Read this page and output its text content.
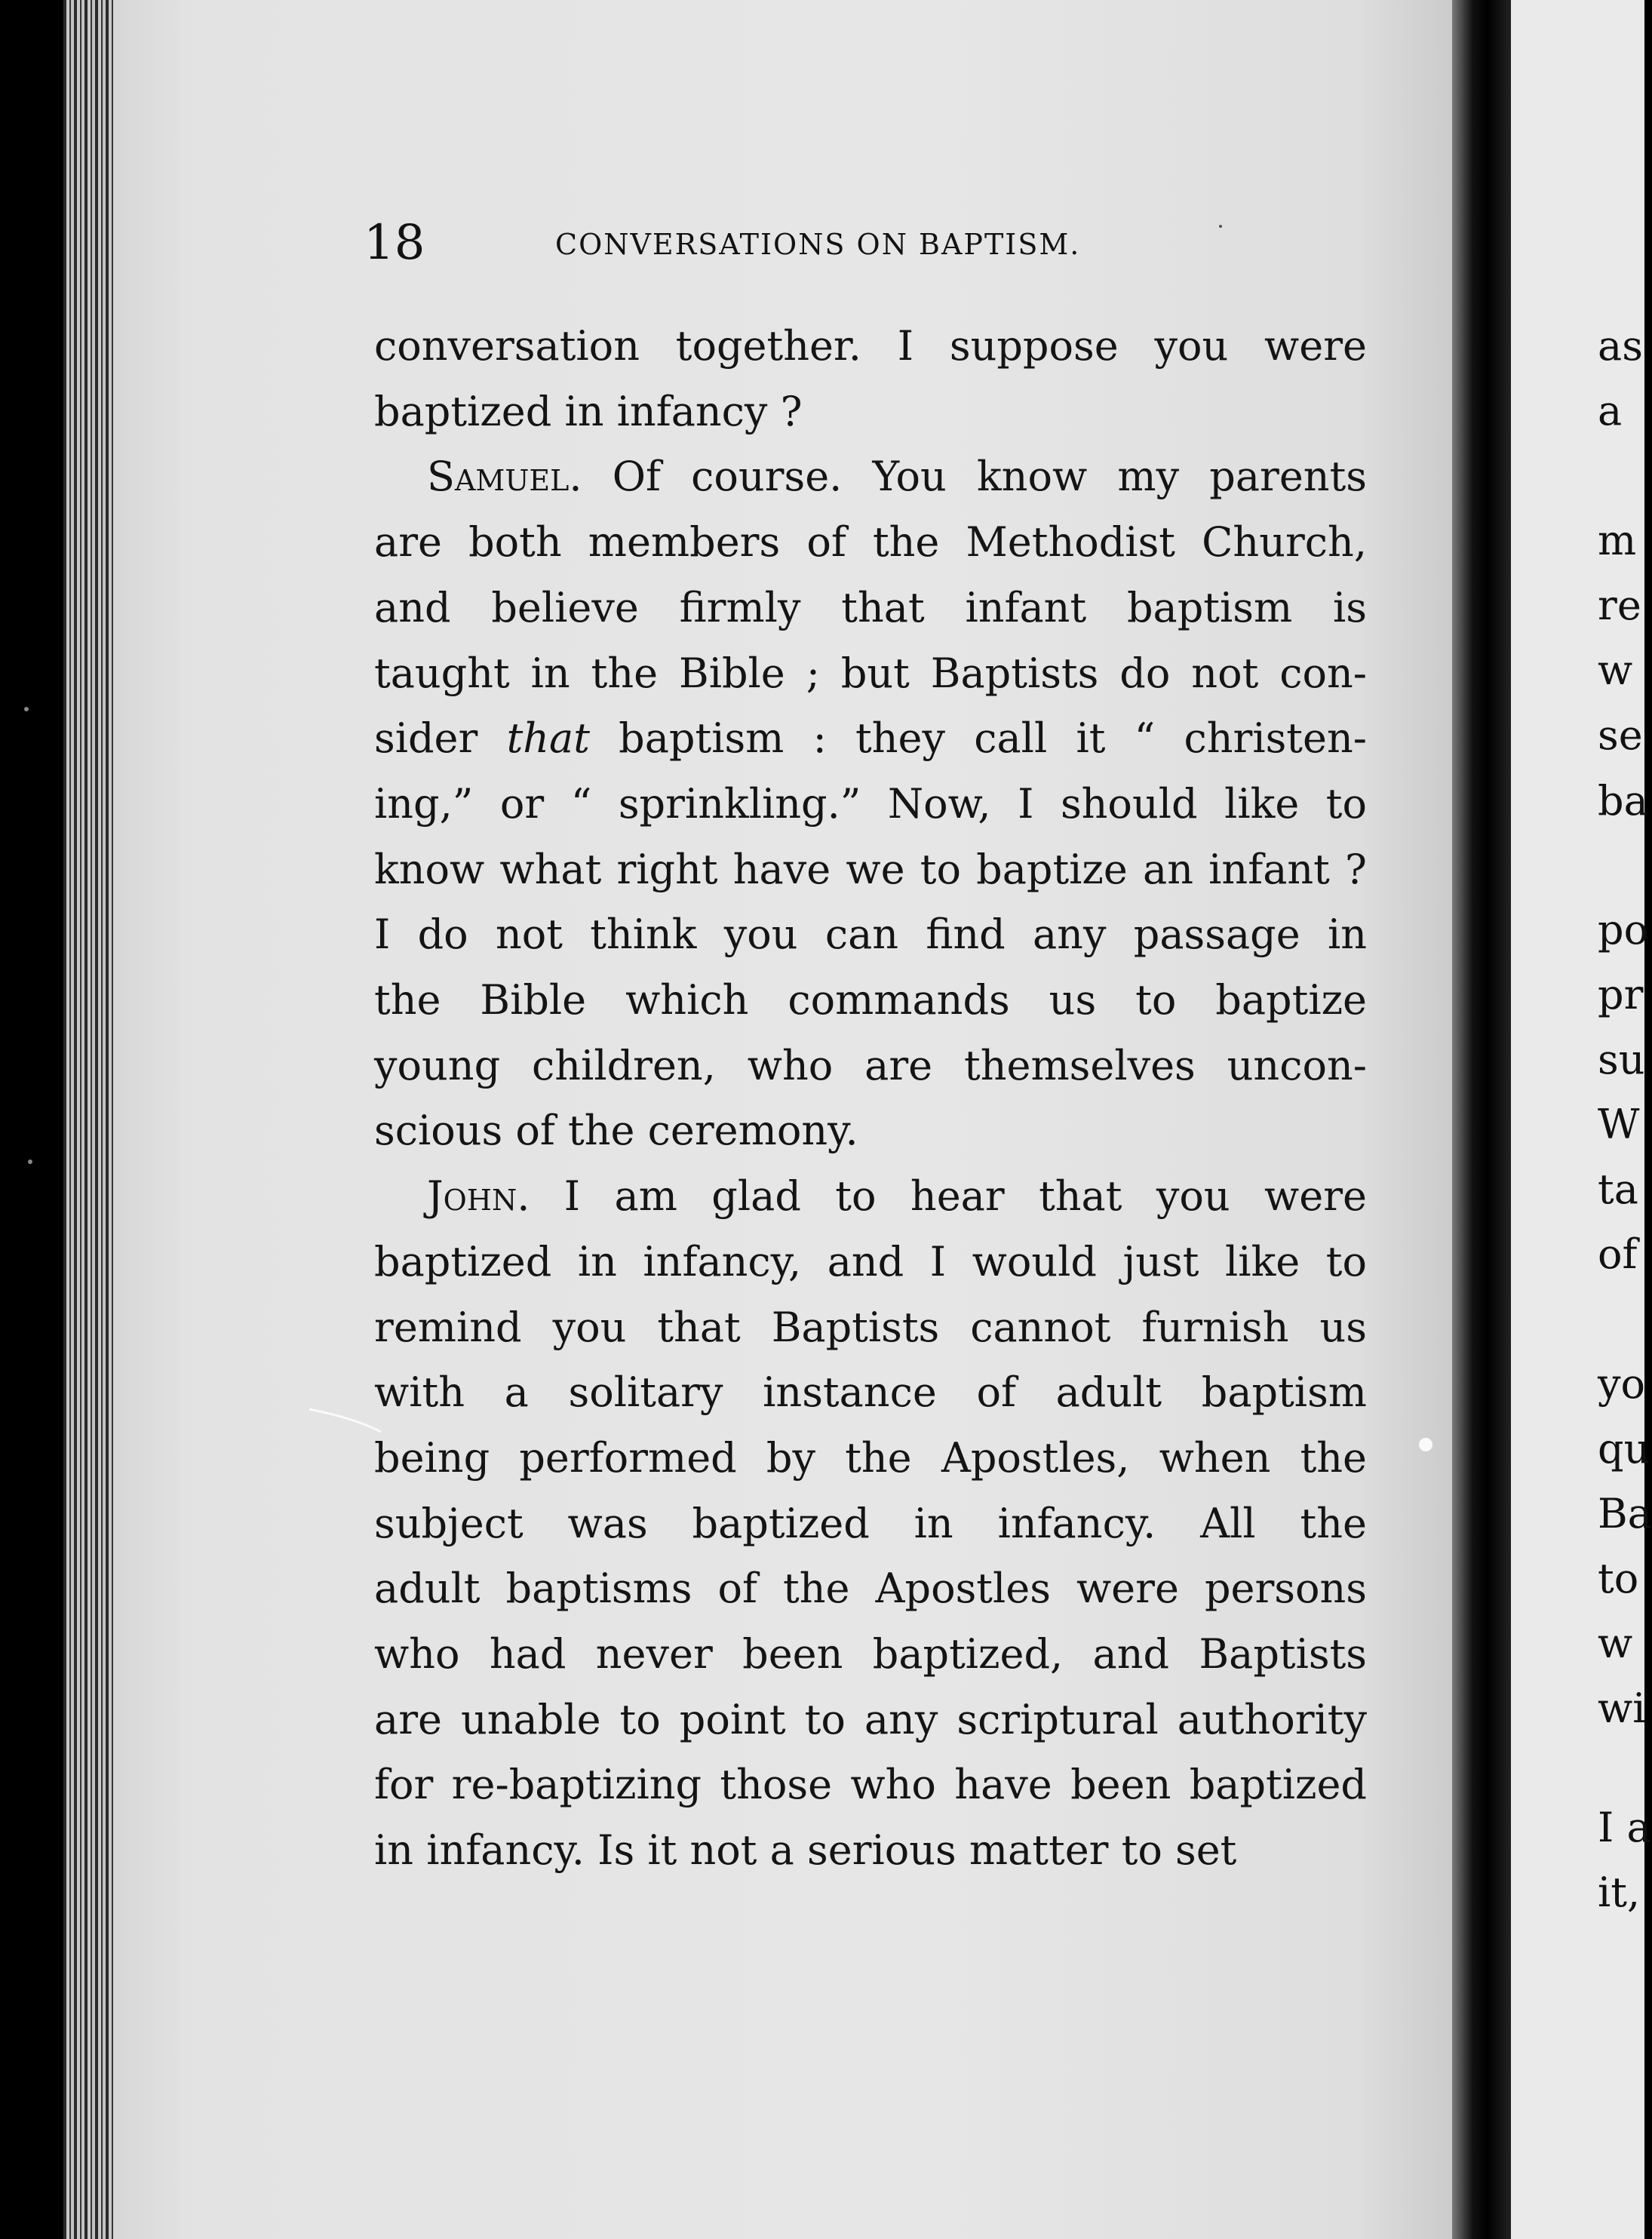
18	CONVERSATIONS ON BAPTISM.
conversation together. I suppose you were
baptized in infancy ?
Samuel. Of course. You know my parents
are both members of the Methodist Church,
and believe firmly that infant baptism is
taught in the Bible ; but Baptists do not con-
sider that baptism : they call it “ christen-
ing,” or “ sprinkling.” Now, I should like to
know what right have we to baptize an infant ?
I do not think you can find any passage in
the Bible which commands us to baptize
young children, who are themselves uncon-
scious of the ceremony.
John. I am glad to hear that you were
baptized in infancy, and I would just like to
remind you that Baptists cannot furnish us
with a solitary instance of adult baptism
being performed by the Apostles, when the
subject was baptized in infancy. All the
adult baptisms of the Apostles were persons
who had never been baptized, and Baptists
are unable to point to any scriptural authority
for re-baptizing those who have been baptized
in infancy. Is it not a serious matter to set
as
a
m
re
w
se
ba
po
pr
su
W
ta
of
yo
qu
Ba
to
w
wi
I a
it,
